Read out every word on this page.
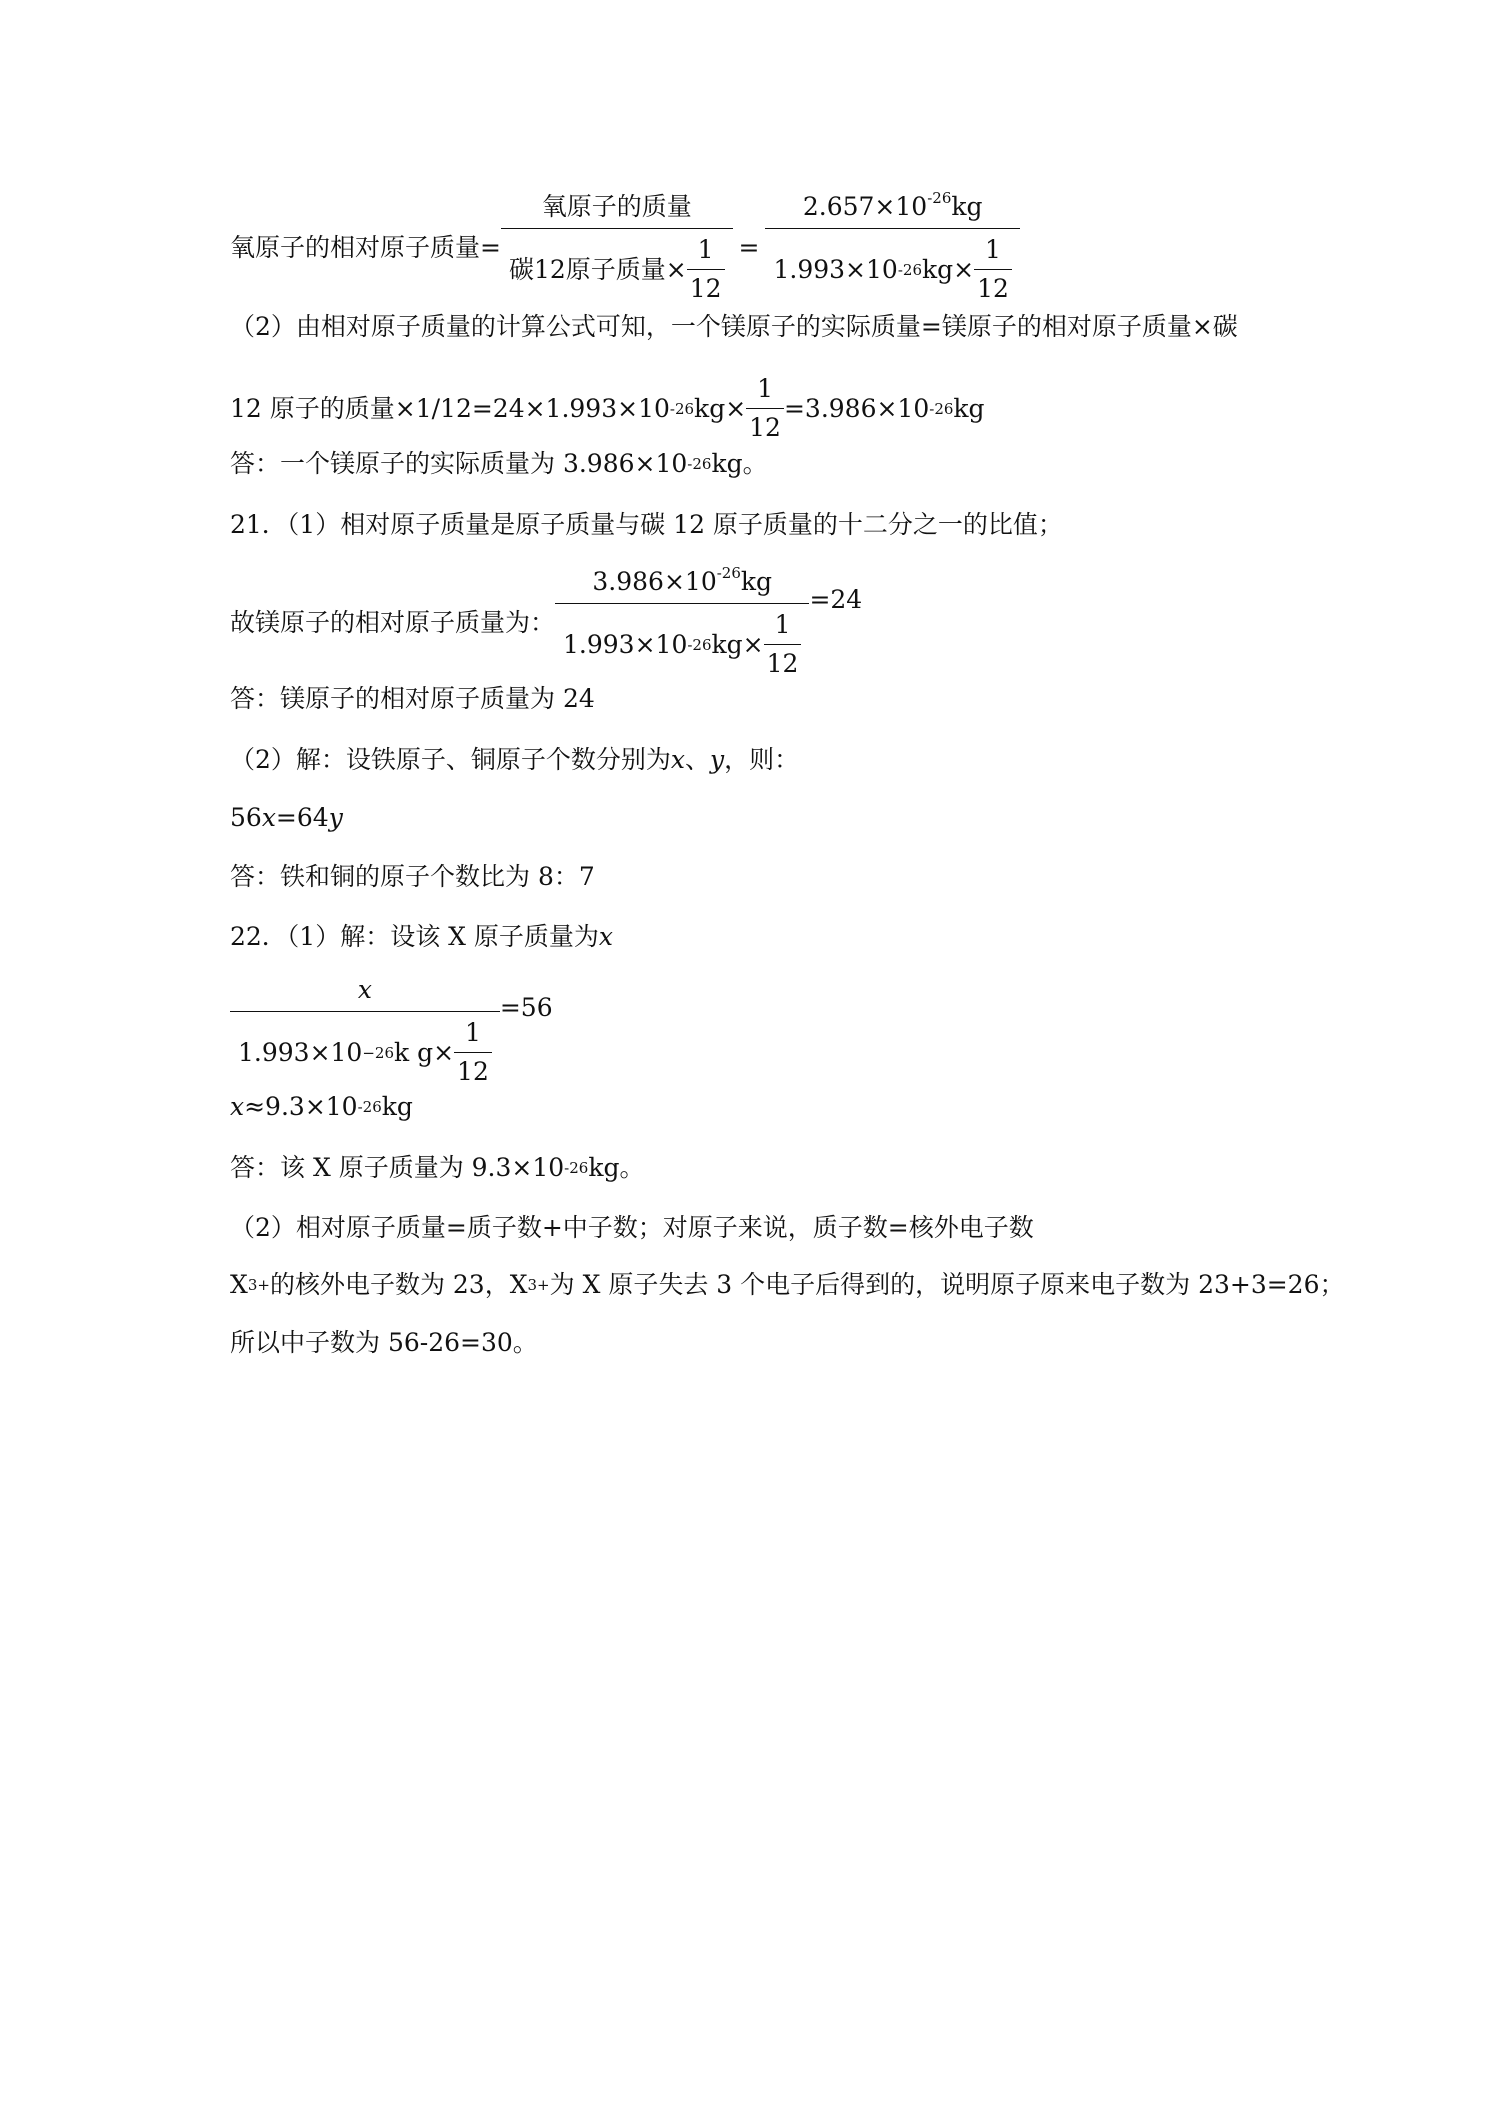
氧原子的相对原子质量= $\frac{\text{氧原子的质量}}{碳12原子质量\times \frac{1}{12}} = \frac{2.657\times 10^{-26}kg}{1.993\times 10 -26 kg\times \frac{1}{12}}$
（2）由相对原子质量的计算公式可知，一个镁原子的实际质量=镁原子的相对原子质量×碳
12 原子的质量×1/12=24×1.993×10 -26 $kg\times \frac{1}{12} =3.986\times 10$ -26 kg
答：一个镁原子的实际质量为 3.986×10 -26 kg。
21．（1）相对原子质量是原子质量与碳 12 原子质量的十二分之一的比值；
故镁原子的相对原子质量为： $\frac{3.986\times 10^{-26}kg}{1.993\times 10 -26 kg\times \frac{1}{12}} =24$
答：镁原子的相对原子质量为 24
（2）解：设铁原子、铜原子个数分别为 x 、 y ，则：
56 x =64 y
答：铁和铜的原子个数比为 8：7
22．（1）解：设该 X 原子质量为 x
$\frac{x}{1.993\times 10 -26 k g\times \frac{1}{12}} =56$
x ≈9.3×10 -26 kg
答：该 X 原子质量为 9.3×10 -26 kg。
（2）相对原子质量=质子数+中子数；对原子来说，质子数=核外电子数
X 3+ 的核外电子数为 23，X 3+ 为 X 原子失去 3 个电子后得到的，说明原子原来电子数为 23+3=26；
所以中子数为 56-26=30。
